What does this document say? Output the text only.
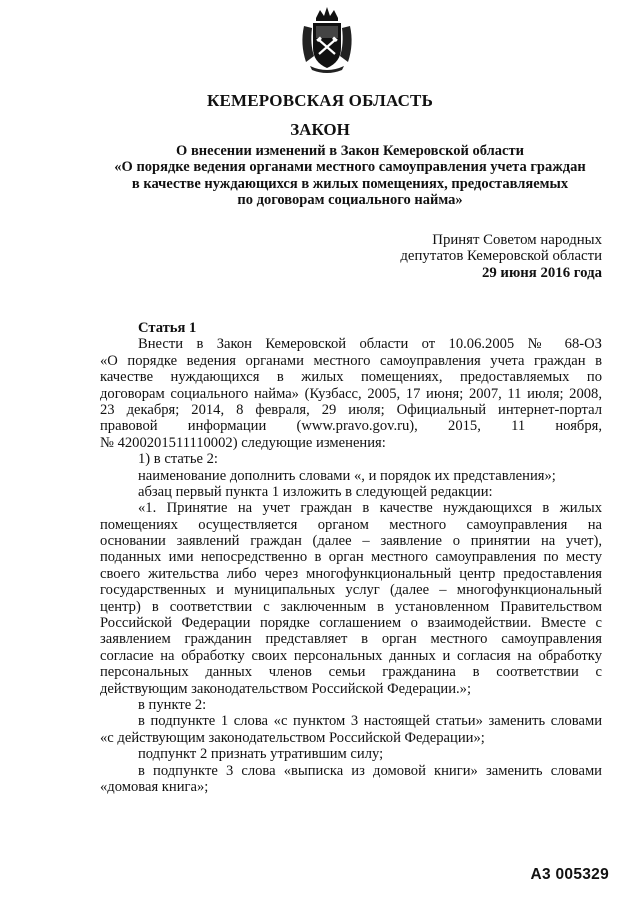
КЕМЕРОВСКАЯ ОБЛАСТЬ
ЗАКОН
О внесении изменений в Закон Кемеровской области
«О порядке ведения органами местного самоуправления учета граждан
в качестве нуждающихся в жилых помещениях, предоставляемых
по договорам социального найма»
Принят Советом народных
депутатов Кемеровской области
29 июня 2016 года
Статья 1
Внести в Закон Кемеровской области от 10.06.2005 № 68-ОЗ
«О порядке ведения органами местного самоуправления учета граждан в
качестве нуждающихся в жилых помещениях, предоставляемых по
договорам социального найма» (Кузбасс, 2005, 17 июня; 2007, 11 июля; 2008,
23 декабря; 2014, 8 февраля, 29 июля; Официальный интернет-портал
правовой информации (www.pravo.gov.ru), 2015, 11 ноября,
№ 4200201511110002) следующие изменения:
1) в статье 2:
наименование дополнить словами «, и порядок их представления»;
абзац первый пункта 1 изложить в следующей редакции:
«1. Принятие на учет граждан в качестве нуждающихся в жилых
помещениях осуществляется органом местного самоуправления на
основании заявлений граждан (далее – заявление о принятии на учет),
поданных ими непосредственно в орган местного самоуправления по месту
своего жительства либо через многофункциональный центр предоставления
государственных и муниципальных услуг (далее – многофункциональный
центр) в соответствии с заключенным в установленном Правительством
Российской Федерации порядке соглашением о взаимодействии. Вместе с
заявлением гражданин представляет в орган местного самоуправления
согласие на обработку своих персональных данных и согласия на обработку
персональных данных членов семьи гражданина в соответствии с
действующим законодательством Российской Федерации.»;
в пункте 2:
в подпункте 1 слова «с пунктом 3 настоящей статьи» заменить словами
«с действующим законодательством Российской Федерации»;
подпункт 2 признать утратившим силу;
в подпункте 3 слова «выписка из домовой книги» заменить словами
«домовая книга»;
А3 005329
